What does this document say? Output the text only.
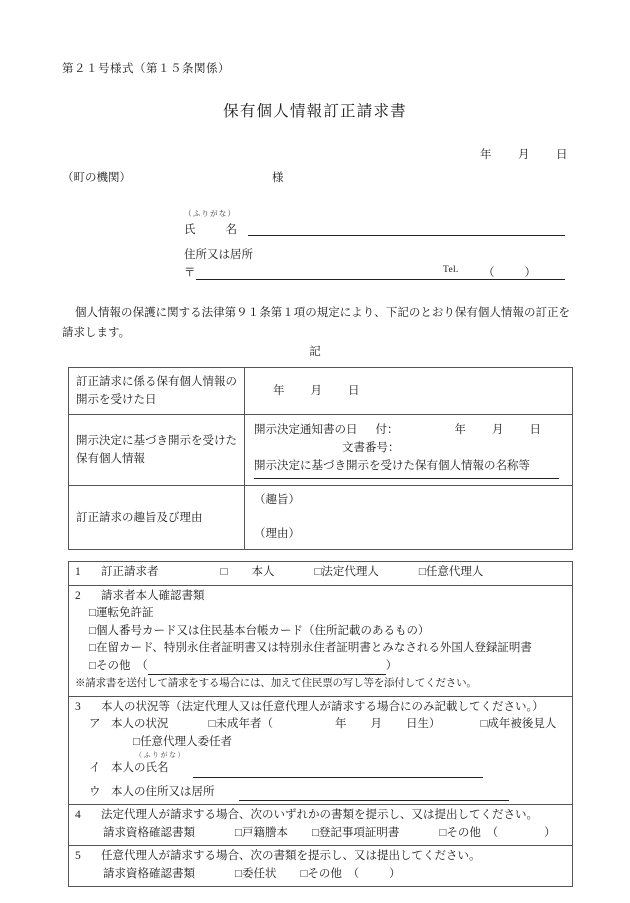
第２１号様式（第１５条関係）
保有個人情報訂正請求書
年 月 日
（町の機関）	様
（ふりがな）
氏	名
住所又は居所
〒	Tel. （	）
個人情報の保護に関する法律第９１条第１項の規定により、下記のとおり保有個人情報の訂正を請求します。
記
訂正請求に係る保有個人情報の開示を受けた日	年 月 日
開示決定に基づき開示を受けた保有個人情報	開示決定通知書の日 付： 年 月 日
文書番号：
開示決定に基づき開示を受けた保有個人情報の名称等

訂正請求の趣旨及び理由	（趣旨）
（理由）
1 訂正請求者	□ 本人	□法定代理人	□任意代理人

2 請求者本人確認書類
□運転免許証
□個人番号カード又は住民基本台帳カード（住所記載のあるもの）
□在留カード、特別永住者証明書又は特別永住者証明書とみなされる外国人登録証明書
□その他　（	）
※請求書を送付して請求をする場合には、加えて住民票の写し等を添付してください。

3 本人の状況等（法定代理人又は任意代理人が請求する場合にのみ記載してください。）
ア 本人の状況	□未成年者（	年 月 日生）	□成年被後見人
□任意代理人委任者
（ふりがな）
イ 本人の氏名
ウ 本人の住所又は居所

4 法定代理人が請求する場合、次のいずれかの書類を提示し、又は提出してください。
請求資格確認書類	□戸籍謄本 □登記事項証明書	□その他　（	）

5 任意代理人が請求する場合、次の書類を提示し、又は提出してください。
請求資格確認書類	□委任状 □その他　（	）
